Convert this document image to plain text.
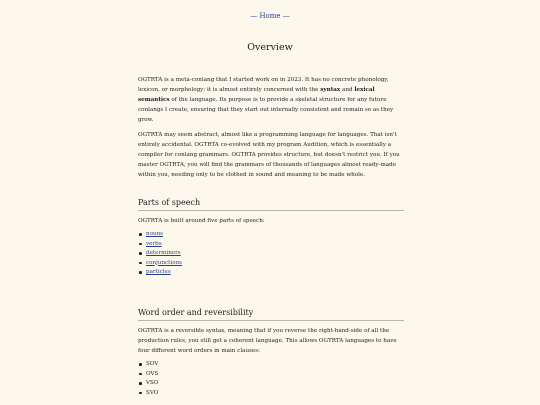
— Home —
Overview

OGTRTA is a meta-conlang that I started work on in 2023. It has no concrete phonology, lexicon, or morphology: it is almost entirely concerned with the syntax and lexical semantics of the language. Its purpose is to provide a skeletal structure for any future conlangs I create, ensuring that they start out internally consistent and remain so as they grow.

OGTRTA may seem abstract, almost like a programming language for languages. That isn't entirely accidental. OGTRTA co-evolved with my program Audition, which is essentially a compiler for conlang grammars. OGTRTA provides structure, but doesn't restrict you. If you master OGTRTA, you will find the grammars of thousands of languages almost ready-made within you, needing only to be clothed in sound and meaning to be made whole.

Parts of speech

OGTRTA is built around five parts of speech:

nouns
verbs
determiners
conjunctions
particles
Word order and reversibility

OGTRTA is a reversible syntax, meaning that if you reverse the right-hand-side of all the production rules, you still get a coherent language. This allows OGTRTA languages to have four different word orders in main clauses:

SOV
OVS
VSO
SVO
